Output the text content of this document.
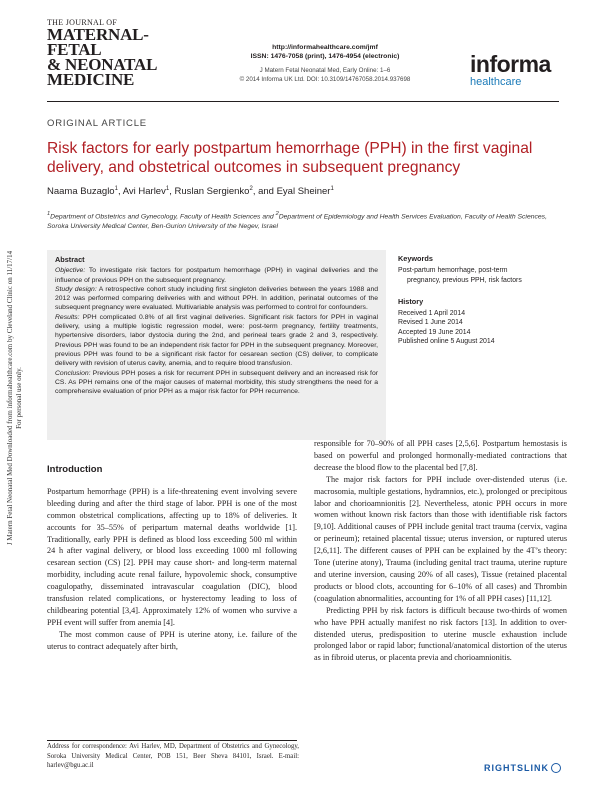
J Matern Fetal Neonatal Med Downloaded from informahealthcare.com by Cleveland Clinic on 11/17/14 For personal use only.
THE JOURNAL OF
MATERNAL-FETAL
& NEONATAL
MEDICINE
http://informahealthcare.com/jmf
ISSN: 1476-7058 (print), 1476-4954 (electronic)
J Matern Fetal Neonatal Med, Early Online: 1–6
© 2014 Informa UK Ltd. DOI: 10.3109/14767058.2014.937698
informa
healthcare
ORIGINAL ARTICLE
Risk factors for early postpartum hemorrhage (PPH) in the first vaginal delivery, and obstetrical outcomes in subsequent pregnancy
Naama Buzaglo$^1$, Avi Harlev$^1$, Ruslan Sergienko$^2$, and Eyal Sheiner$^1$
$^1$Department of Obstetrics and Gynecology, Faculty of Health Sciences and $^2$Department of Epidemiology and Health Services Evaluation, Faculty of Health Sciences, Soroka University Medical Center, Ben-Gurion University of the Negev, Israel
Abstract

Objective: To investigate risk factors for postpartum hemorrhage (PPH) in vaginal deliveries and the influence of previous PPH on the subsequent pregnancy.

Study design: A retrospective cohort study including first singleton deliveries between the years 1988 and 2012 was performed comparing deliveries with and without PPH. In addition, perinatal outcomes of the subsequent pregnancy were evaluated. Multivariable analysis was performed to control for confounders.

Results: PPH complicated 0.8% of all first vaginal deliveries. Significant risk factors for PPH in vaginal delivery, using a multiple logistic regression model, were: post-term pregnancy, fertility treatments, hypertensive disorders, labor dystocia during the 2nd, and perineal tears grade 2 and 3, respectively. Previous PPH was found to be an independent risk factor for PPH in the subsequent pregnancy. Moreover, previous PPH was found to be a significant risk factor for cesarean section (CS) deliver, to complicate delivery with revision of uterus cavity, anemia, and to require blood transfusion.

Conclusion: Previous PPH poses a risk for recurrent PPH in subsequent delivery and an increased risk for CS. As PPH remains one of the major causes of maternal morbidity, this study strengthens the need for a comprehensive evaluation of prior PPH as a major risk factor for PPH recurrence.

Keywords
Post-partum hemorrhage, post-term
pregnancy, previous PPH, risk factors
History
Received 1 April 2014
Revised 1 June 2014
Accepted 19 June 2014
Published online 5 August 2014
Introduction

Postpartum hemorrhage (PPH) is a life-threatening event involving severe bleeding during and after the third stage of labor. PPH is one of the most common obstetrical complications, affecting up to 18% of deliveries. It accounts for 35–55% of peripartum maternal deaths worldwide [1]. Traditionally, early PPH is defined as blood loss exceeding 500 ml within 24 h after vaginal delivery, or blood loss exceeding 1000 ml following cesarean section (CS) [2]. PPH may cause short- and long-term maternal morbidity, including acute renal failure, hypovolemic shock, consumptive coagulopathy, disseminated intravascular coagulation (DIC), blood transfusion related complications, or hysterectomy leading to loss of childbearing potential [3,4]. Approximately 12% of women who survive a PPH event will suffer from anemia [4].

The most common cause of PPH is uterine atony, i.e. failure of the uterus to contract adequately after birth,

responsible for 70–90% of all PPH cases [2,5,6]. Postpartum hemostasis is based on powerful and prolonged hormonally-mediated contractions that decrease the blood flow to the placental bed [7,8].

The major risk factors for PPH include over-distended uterus (i.e. macrosomia, multiple gestations, hydramnios, etc.), prolonged or precipitous labor and chorioamnionitis [2]. Nevertheless, atonic PPH occurs in more women without known risk factors than those with identifiable risk factors [9,10]. Additional causes of PPH include genital tract trauma (cervix, vagina or perineum); retained placental tissue; uterus inversion, or ruptured uterus [2,6,11]. The different causes of PPH can be explained by the 4T’s theory: Tone (uterine atony), Trauma (including genital tract trauma, uterine rupture and uterine inversion, causing 20% of all cases), Tissue (retained placental products or blood clots, accounting for 6–10% of all cases) and Thrombin (coagulation abnormalities, accounting for 1% of all PPH cases) [11,12].

Predicting PPH by risk factors is difficult because two-thirds of women who have PPH actually manifest no risk factors [13]. In addition to over-distended uterus, predisposition to uterine muscle exhaustion include prolonged labor or rapid labor; functional/anatomical distortion of the uterus as in fibroid uterus, or placenta previa and chorioamnionitis.

Address for correspondence: Avi Harlev, MD, Department of Obstetrics and Gynecology, Soroka University Medical Center, POB 151, Beer Sheva 84101, Israel. E-mail: harlev@bgu.ac.il	RIGHTSLINK
